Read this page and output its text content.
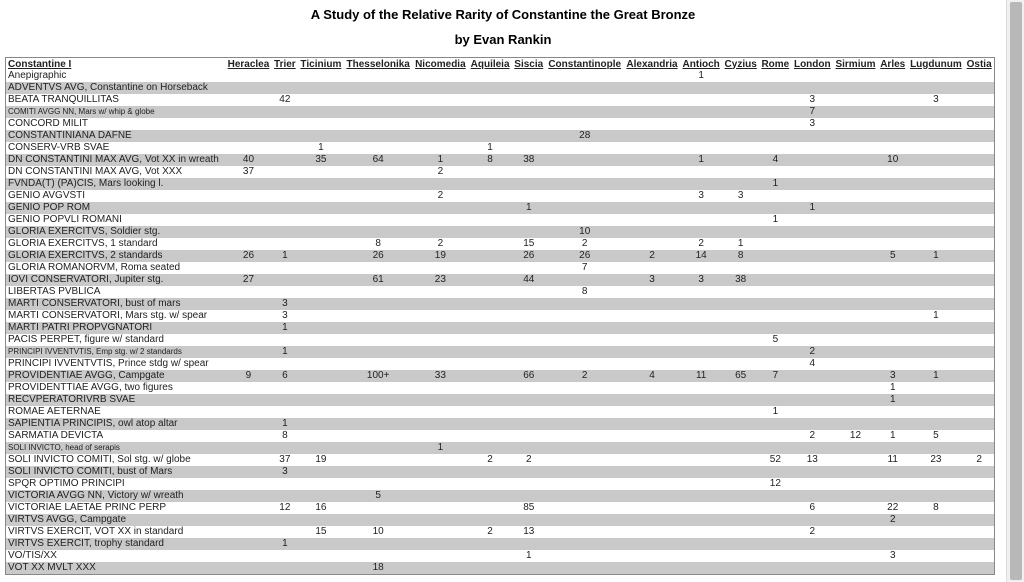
A Study of the Relative Rarity of Constantine the Great Bronze
by Evan Rankin
Constantine I	Heraclea	Trier	Ticinium	Thesselonika	Nicomedia	Aquileia	Siscia	Constantinople	Alexandria	Antioch	Cyzius	Rome	London	Sirmium	Arles	Lugdunum	Ostia
Anepigraphic										1							
ADVENTVS AVG, Constantine on Horseback																	
BEATA TRANQUILLITAS		42											3			3	
COMITI AVGG NN, Mars w/ whip & globe													7				
CONCORD MILIT													3				
CONSTANTINIANA DAFNE								28									
CONSERV-VRB SVAE			1			1											
DN CONSTANTINI MAX AVG, Vot XX in wreath	40		35	64	1	8	38			1		4			10		
DN CONSTANTINI MAX AVG, Vot XXX	37				2												
FVNDA(T) (PA)CIS, Mars looking l.												1					
GENIO AVGVSTI					2					3	3						
GENIO POP ROM							1						1				
GENIO POPVLI ROMANI												1					
GLORIA EXERCITVS, Soldier stg.								10									
GLORIA EXERCITVS, 1 standard				8	2		15	2		2	1						
GLORIA EXERCITVS, 2 standards	26	1		26	19		26	26	2	14	8				5	1	
GLORIA ROMANORVM, Roma seated								7									
IOVI CONSERVATORI, Jupiter stg.	27			61	23		44		3	3	38						
LIBERTAS PVBLICA								8									
MARTI CONSERVATORI, bust of mars		3															
MARTI CONSERVATORI, Mars stg. w/ spear		3														1	
MARTI PATRI PROPVGNATORI		1															
PACIS PERPET, figure w/ standard												5					
PRINCIPI IVVENTVTIS, Emp stg. w/ 2 standards		1											2				
PRINCIPI IVVENTVTIS, Prince stdg w/ spear													4				
PROVIDENTIAE AVGG, Campgate	9	6		100+	33		66	2	4	11	65	7			3	1	
PROVIDENTTIAE AVGG, two figures															1		
RECVPERATORIVRB SVAE															1		
ROMAE AETERNAE												1					
SAPIENTIA PRINCIPIS, owl atop altar		1															
SARMATIA DEVICTA		8											2	12	1	5	
SOLI INVICTO, head of serapis					1												
SOLI INVICTO COMITI, Sol stg. w/ globe		37	19			2	2					52	13		11	23	2
SOLI INVICTO COMITI, bust of Mars		3															
SPQR OPTIMO PRINCIPI												12					
VICTORIA AVGG NN, Victory w/ wreath				5													
VICTORIAE LAETAE PRINC PERP		12	16				85						6		22	8	
VIRTVS AVGG, Campgate															2		
VIRTVS EXERCIT, VOT XX in standard			15	10		2	13						2				
VIRTVS EXERCIT, trophy standard		1															
VO/TIS/XX							1								3		
VOT XX MVLT XXX				18													
